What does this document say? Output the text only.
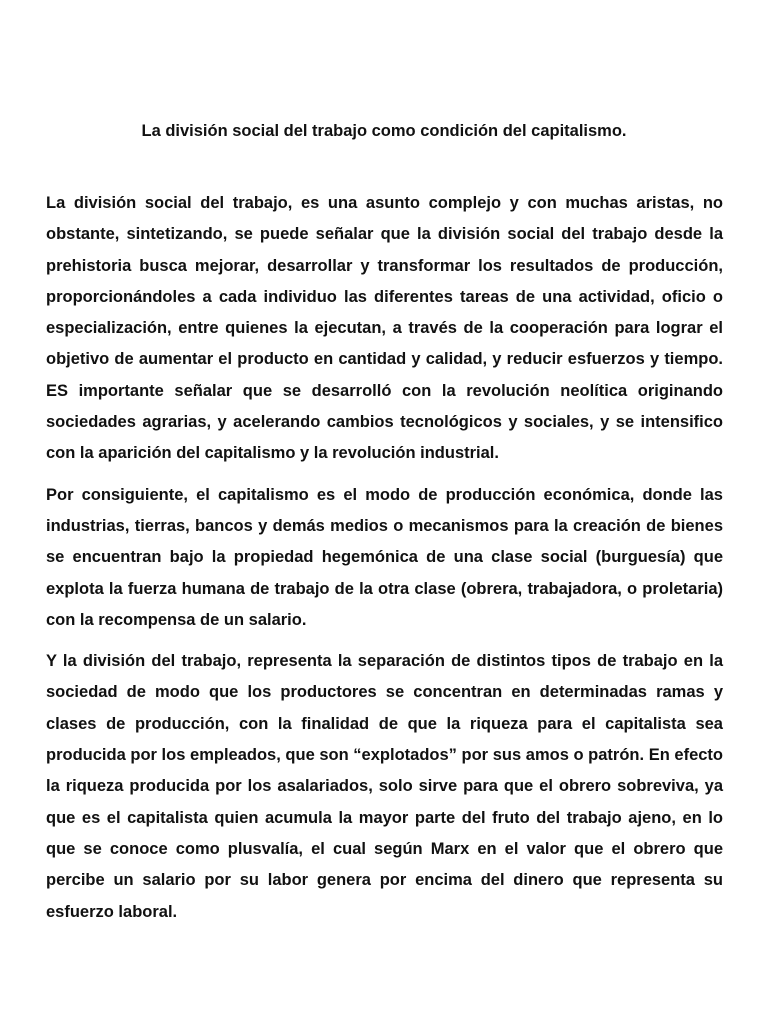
La división social del trabajo como condición del capitalismo.

La división social del trabajo, es una asunto complejo y con muchas aristas, no obstante, sintetizando, se puede señalar que la división social del trabajo desde la prehistoria busca mejorar, desarrollar y transformar los resultados de producción, proporcionándoles a cada individuo las diferentes tareas de una actividad, oficio o especialización, entre quienes la ejecutan, a través de la cooperación para lograr el objetivo de aumentar el producto en cantidad y calidad, y reducir esfuerzos y tiempo. ES importante señalar que se desarrolló con la revolución neolítica originando sociedades agrarias, y acelerando cambios tecnológicos y sociales, y se intensifico con la aparición del capitalismo y la revolución industrial.

Por consiguiente, el capitalismo es el modo de producción económica, donde las industrias, tierras, bancos y demás medios o mecanismos para la creación de bienes se encuentran bajo la propiedad hegemónica de una clase social (burguesía) que explota la fuerza humana de trabajo de la otra clase (obrera, trabajadora, o proletaria) con la recompensa de un salario.

Y la división del trabajo, representa la separación de distintos tipos de trabajo en la sociedad de modo que los productores se concentran en determinadas ramas y clases de producción, con la finalidad de que la riqueza para el capitalista sea producida por los empleados, que son “explotados” por sus amos o patrón. En efecto la riqueza producida por los asalariados, solo sirve para que el obrero sobreviva, ya que es el capitalista quien acumula la mayor parte del fruto del trabajo ajeno, en lo que se conoce como plusvalía, el cual según Marx en el valor que el obrero que percibe un salario por su labor genera por encima del dinero que representa su esfuerzo laboral.
